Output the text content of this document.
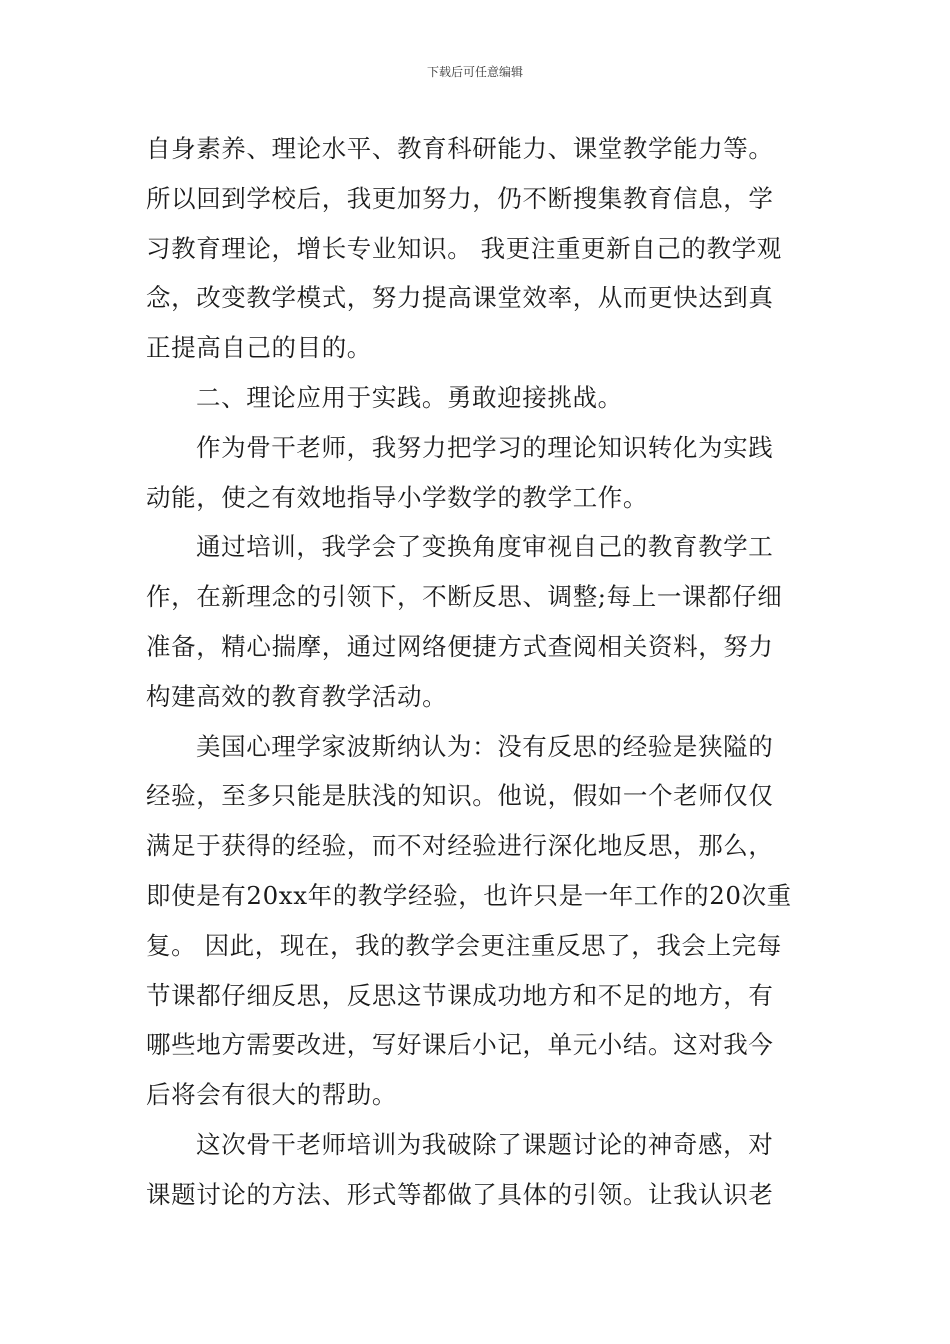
下载后可任意编辑
自身素养、理论水平、教育科研能力、课堂教学能力等。
所以回到学校后，我更加努力，仍不断搜集教育信息，学
习教育理论，增长专业知识。 我更注重更新自己的教学观
念，改变教学模式，努力提高课堂效率，从而更快达到真
正提高自己的目的。
二、理论应用于实践。勇敢迎接挑战。
作为骨干老师，我努力把学习的理论知识转化为实践
动能，使之有效地指导小学数学的教学工作。
通过培训，我学会了变换角度审视自己的教育教学工
作，在新理念的引领下，不断反思、调整;每上一课都仔细
准备，精心揣摩，通过网络便捷方式查阅相关资料，努力
构建高效的教育教学活动。
美国心理学家波斯纳认为：没有反思的经验是狭隘的
经验，至多只能是肤浅的知识。他说，假如一个老师仅仅
满足于获得的经验，而不对经验进行深化地反思，那么，
即使是有20xx年的教学经验，也许只是一年工作的20次重
复。 因此，现在，我的教学会更注重反思了，我会上完每
节课都仔细反思，反思这节课成功地方和不足的地方，有
哪些地方需要改进，写好课后小记，单元小结。这对我今
后将会有很大的帮助。
这次骨干老师培训为我破除了课题讨论的神奇感，对
课题讨论的方法、形式等都做了具体的引领。让我认识老
